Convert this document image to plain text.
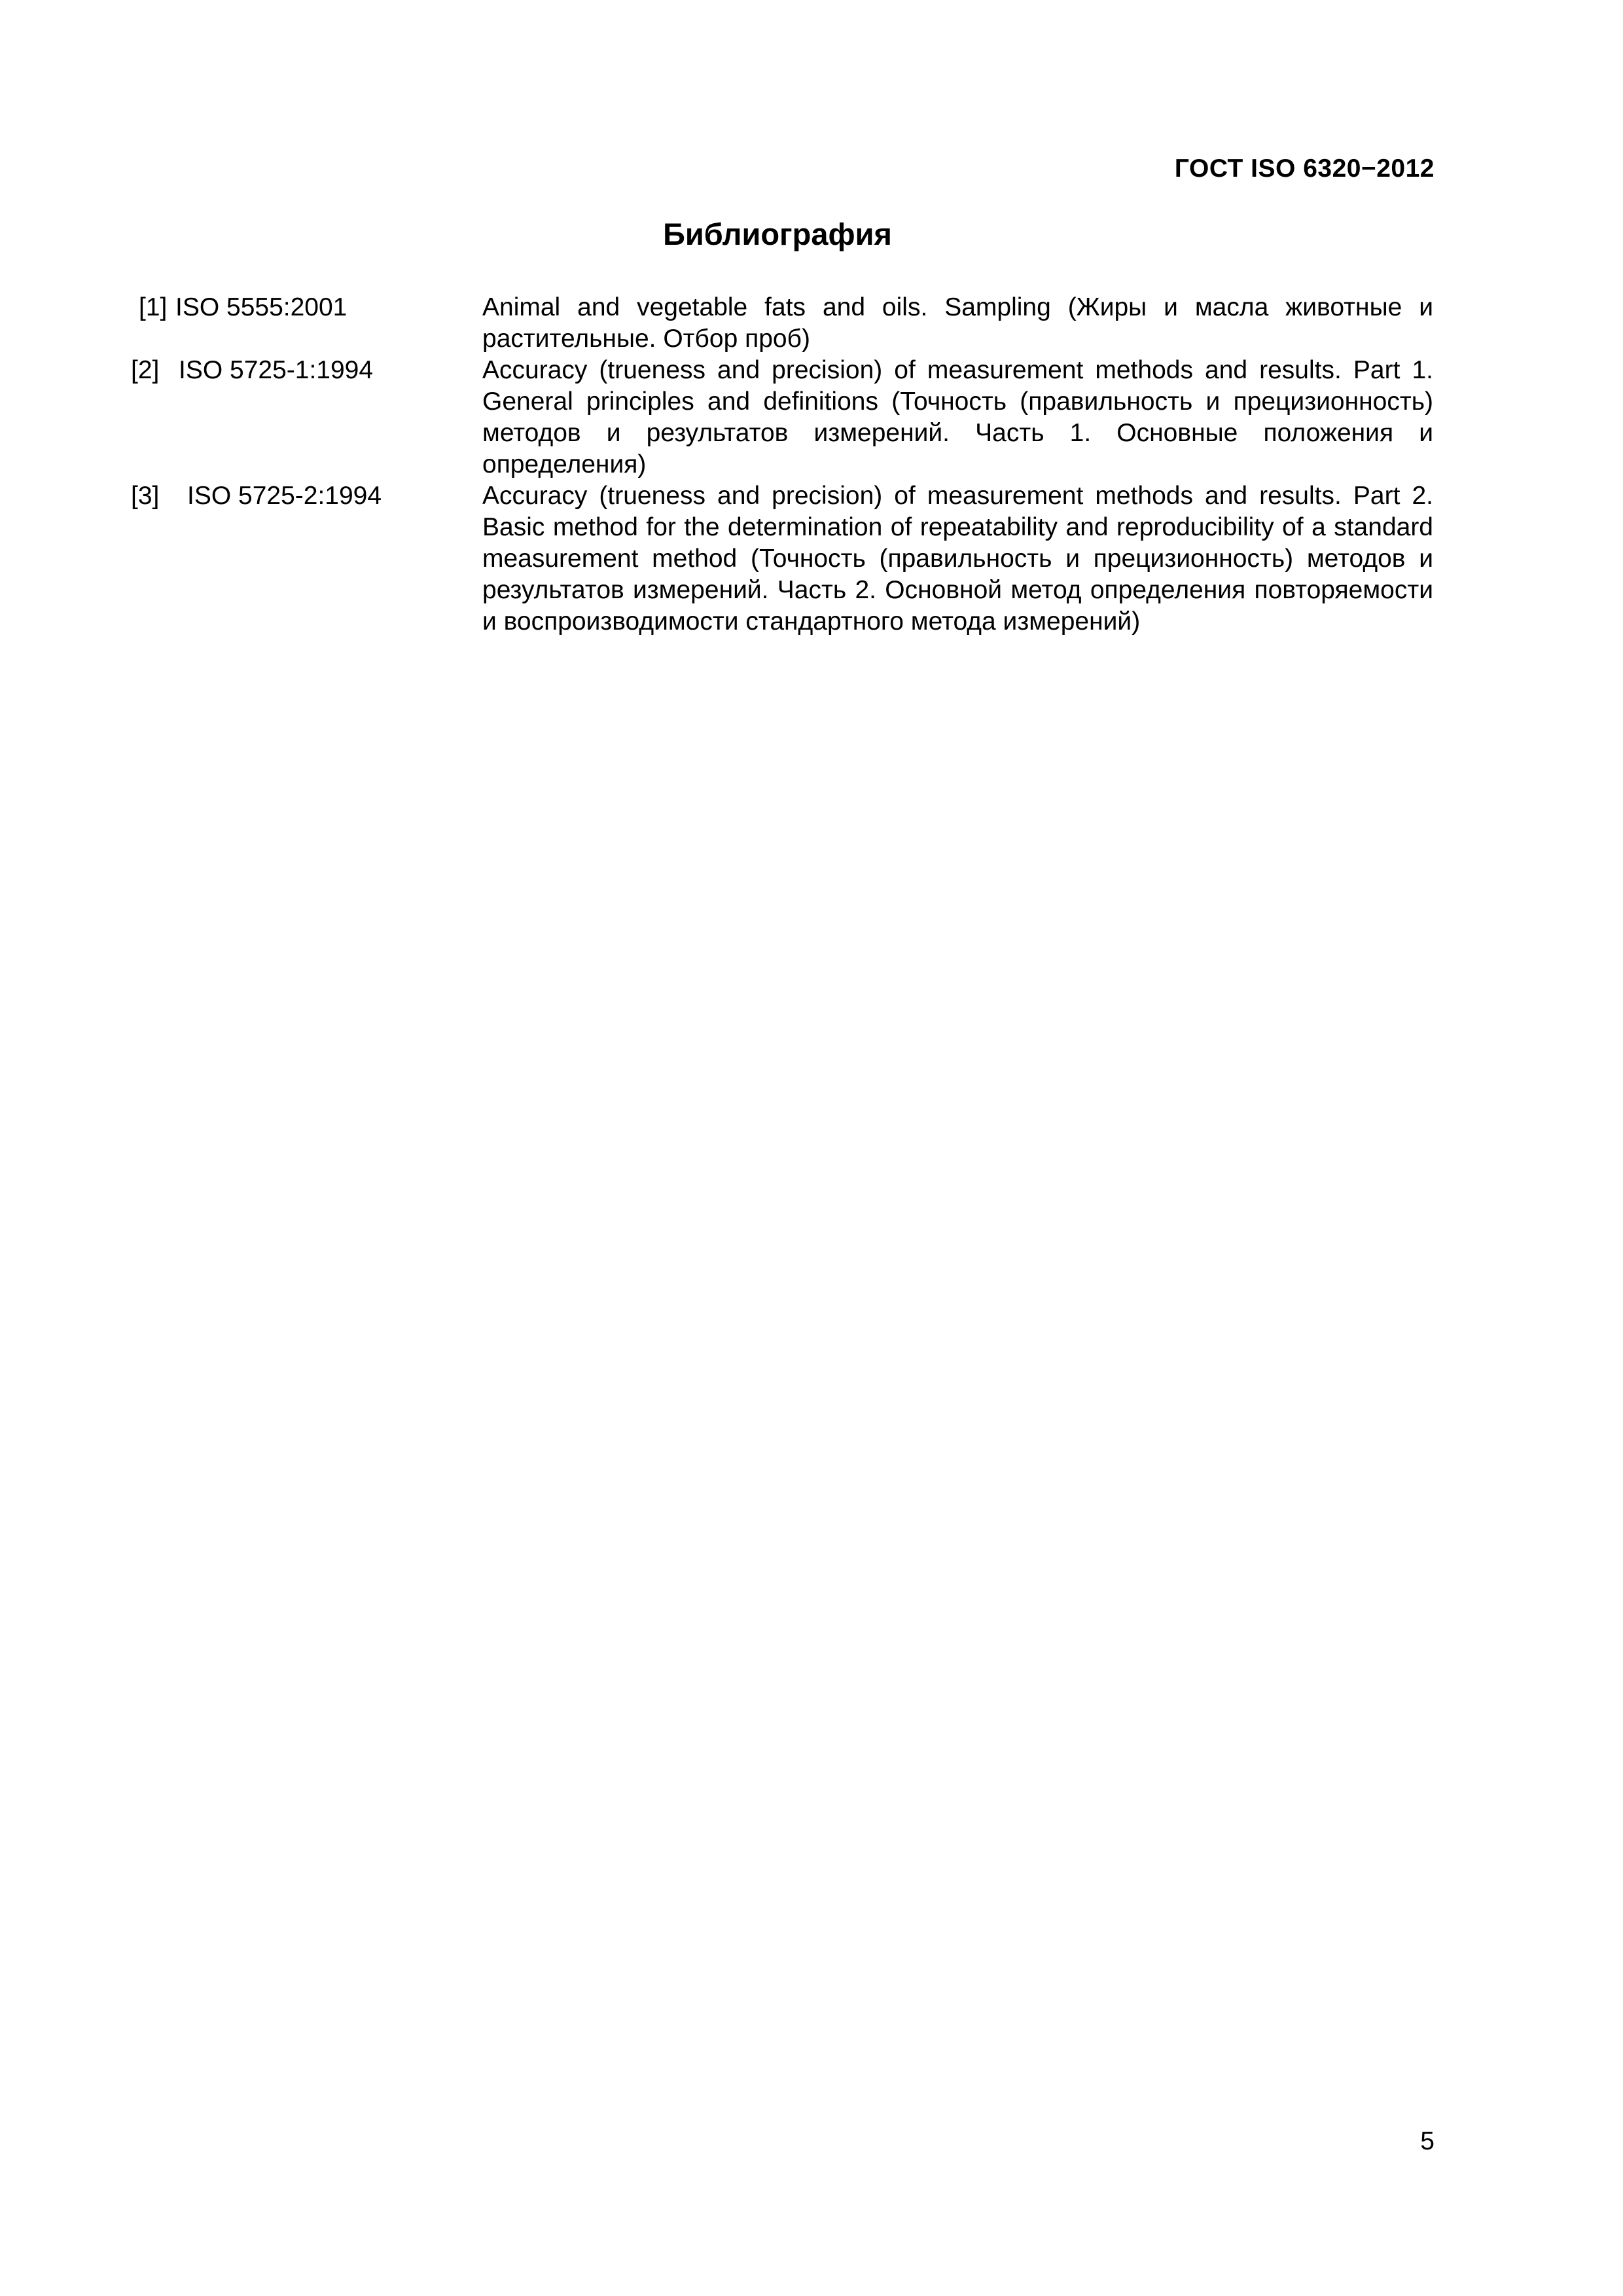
ГОСТ ISO 6320−2012
Библиография
[1] ISO 5555:2001	Animal and vegetable fats and oils. Sampling (Жиры и масла животные и растительные. Отбор проб)
[2] ISO 5725-1:1994	Accuracy (trueness and precision) of measurement methods and results. Part 1. General principles and definitions (Точность (правильность и прецизионность) методов и результатов измерений. Часть 1. Основные положения и определения)
[3] ISO 5725-2:1994	Accuracy (trueness and precision) of measurement methods and results. Part 2. Basic method for the determination of repeatability and reproducibility of a standard measurement method (Точность (правильность и прецизионность) методов и результатов измерений. Часть 2. Основной метод определения повторяемости и воспроизводимости стандартного метода измерений)
5
